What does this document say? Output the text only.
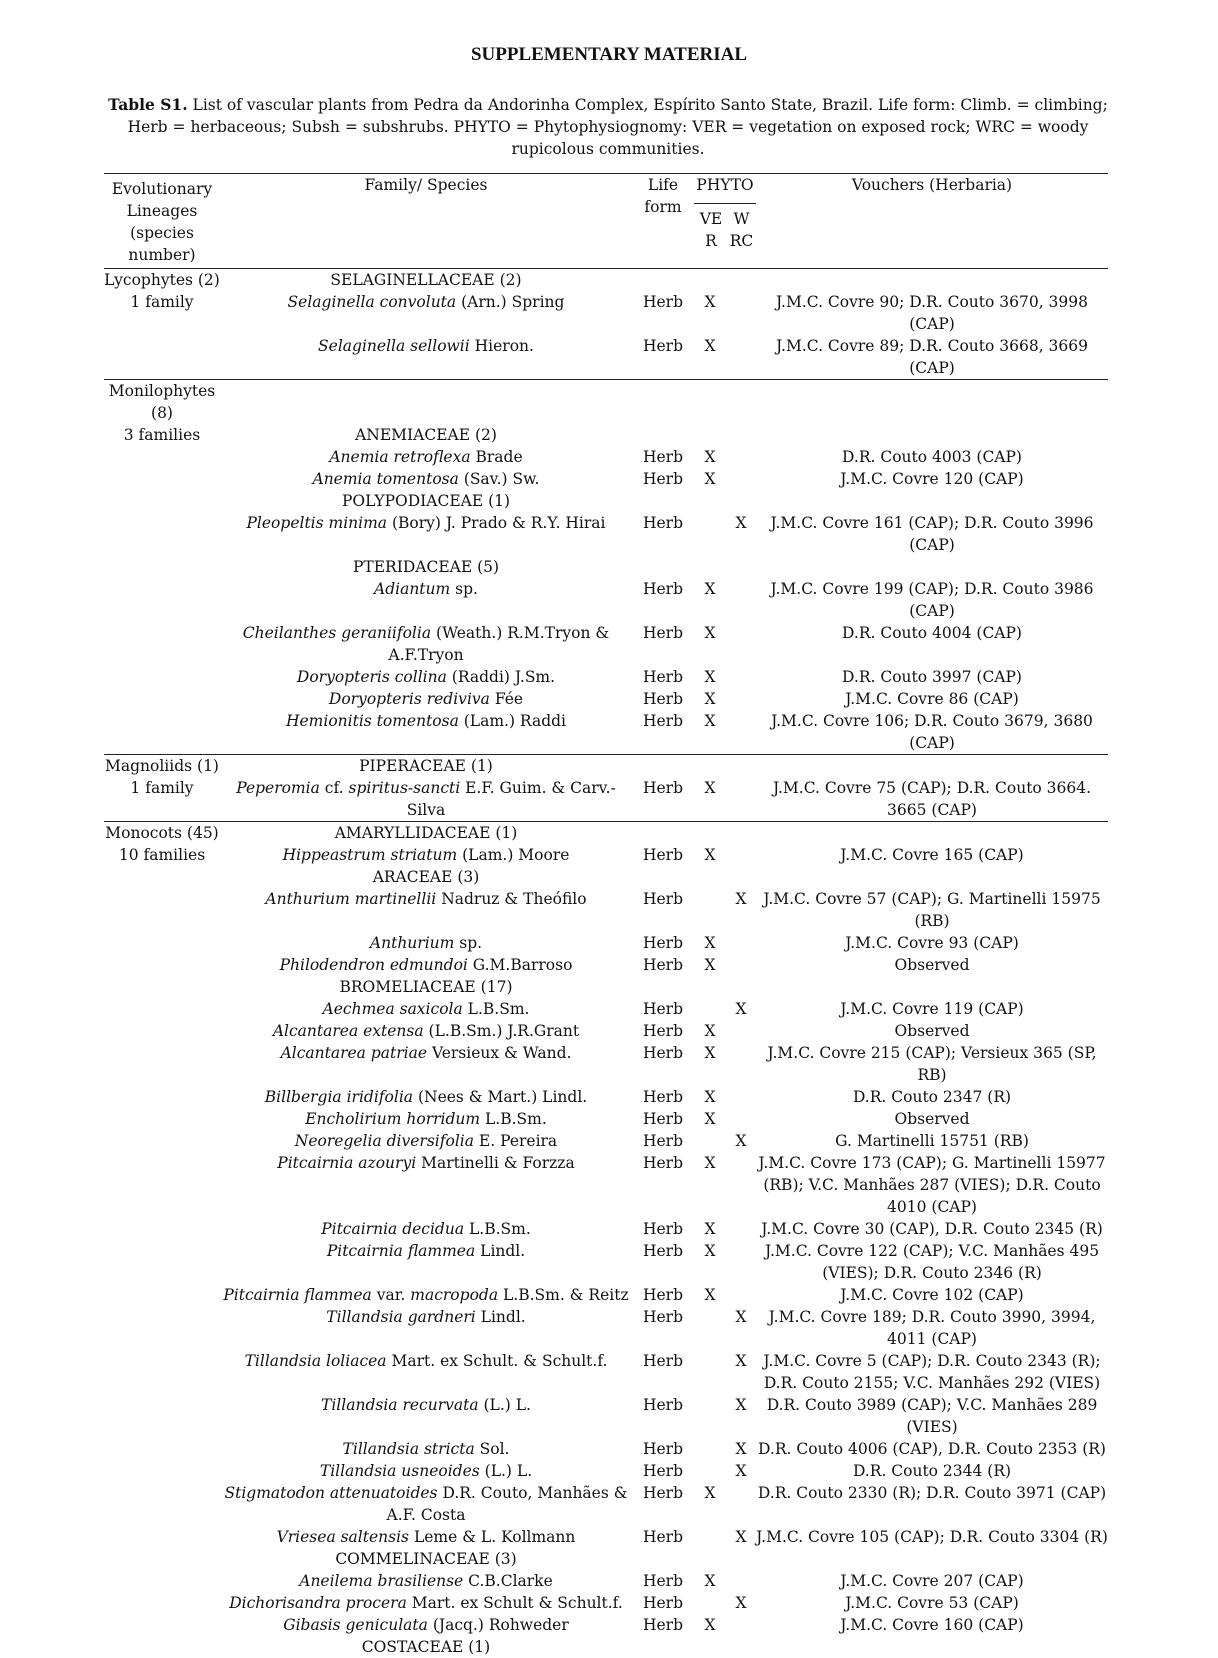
SUPPLEMENTARY MATERIAL
Table S1. List of vascular plants from Pedra da Andorinha Complex, Espírito Santo State, Brazil. Life form: Climb. = climbing; Herb = herbaceous; Subsh = subshrubs. PHYTO = Phytophysiognomy: VER = vegetation on exposed rock; WRC = woody rupicolous communities.
Evolutionary Lineages (species number)	Family/ Species	Life form	PHYTO		Vouchers (Herbaria)
			VER	WRC	
Lycophytes (2)	SELAGINELLACEAE (2)				
1 family	Selaginella convoluta (Arn.) Spring	Herb	X		J.M.C. Covre 90; D.R. Couto 3670, 3998 (CAP)
	Selaginella sellowii Hieron.	Herb	X		J.M.C. Covre 89; D.R. Couto 3668, 3669 (CAP)
Monilophytes
(8)
3 families	ANEMIACEAE (2)				
	Anemia retroflexa Brade	Herb	X		D.R. Couto 4003 (CAP)
	Anemia tomentosa (Sav.) Sw.	Herb	X		J.M.C. Covre 120 (CAP)
	POLYPODIACEAE (1)				
	Pleopeltis minima (Bory) J. Prado & R.Y. Hirai	Herb		X	J.M.C. Covre 161 (CAP); D.R. Couto 3996 (CAP)
	PTERIDACEAE (5)				
	Adiantum sp.	Herb	X		J.M.C. Covre 199 (CAP); D.R. Couto 3986 (CAP)
	Cheilanthes geraniifolia (Weath.) R.M.Tryon & A.F.Tryon	Herb	X		D.R. Couto 4004 (CAP)
	Doryopteris collina (Raddi) J.Sm.	Herb	X		D.R. Couto 3997 (CAP)
	Doryopteris rediviva Fée	Herb	X		J.M.C. Covre 86 (CAP)
	Hemionitis tomentosa (Lam.) Raddi	Herb	X		J.M.C. Covre 106; D.R. Couto 3679, 3680 (CAP)
Magnoliids (1)	PIPERACEAE (1)				
1 family	Peperomia cf. spiritus-sancti E.F. Guim. & Carv.-Silva	Herb	X		J.M.C. Covre 75 (CAP); D.R. Couto 3664. 3665 (CAP)
Monocots (45)	AMARYLLIDACEAE (1)				
10 families	Hippeastrum striatum (Lam.) Moore	Herb	X		J.M.C. Covre 165 (CAP)
	ARACEAE (3)				
	Anthurium martinellii Nadruz & Theófilo	Herb		X	J.M.C. Covre 57 (CAP); G. Martinelli 15975 (RB)
	Anthurium sp.	Herb	X		J.M.C. Covre 93 (CAP)
	Philodendron edmundoi G.M.Barroso	Herb	X		Observed
	BROMELIACEAE (17)				
	Aechmea saxicola L.B.Sm.	Herb		X	J.M.C. Covre 119 (CAP)
	Alcantarea extensa (L.B.Sm.) J.R.Grant	Herb	X		Observed
	Alcantarea patriae Versieux & Wand.	Herb	X		J.M.C. Covre 215 (CAP); Versieux 365 (SP, RB)
	Billbergia iridifolia (Nees & Mart.) Lindl.	Herb	X		D.R. Couto 2347 (R)
	Encholirium horridum L.B.Sm.	Herb	X		Observed
	Neoregelia diversifolia E. Pereira	Herb		X	G. Martinelli 15751 (RB)
	Pitcairnia azouryi Martinelli & Forzza	Herb	X		J.M.C. Covre 173 (CAP); G. Martinelli 15977 (RB); V.C. Manhães 287 (VIES); D.R. Couto 4010 (CAP)
	Pitcairnia decidua L.B.Sm.	Herb	X		J.M.C. Covre 30 (CAP), D.R. Couto 2345 (R)
	Pitcairnia flammea Lindl.	Herb	X		J.M.C. Covre 122 (CAP); V.C. Manhães 495 (VIES); D.R. Couto 2346 (R)
	Pitcairnia flammea var. macropoda L.B.Sm. & Reitz	Herb	X		J.M.C. Covre 102 (CAP)
	Tillandsia gardneri Lindl.	Herb		X	J.M.C. Covre 189; D.R. Couto 3990, 3994, 4011 (CAP)
	Tillandsia loliacea Mart. ex Schult. & Schult.f.	Herb		X	J.M.C. Covre 5 (CAP); D.R. Couto 2343 (R); D.R. Couto 2155; V.C. Manhães 292 (VIES)
	Tillandsia recurvata (L.) L.	Herb		X	D.R. Couto 3989 (CAP); V.C. Manhães 289 (VIES)
	Tillandsia stricta Sol.	Herb		X	D.R. Couto 4006 (CAP), D.R. Couto 2353 (R)
	Tillandsia usneoides (L.) L.	Herb		X	D.R. Couto 2344 (R)
	Stigmatodon attenuatoides D.R. Couto, Manhães & A.F. Costa	Herb	X		D.R. Couto 2330 (R); D.R. Couto 3971 (CAP)
	Vriesea saltensis Leme & L. Kollmann	Herb		X	J.M.C. Covre 105 (CAP); D.R. Couto 3304 (R)
	COMMELINACEAE (3)				
	Aneilema brasiliense C.B.Clarke	Herb	X		J.M.C. Covre 207 (CAP)
	Dichorisandra procera Mart. ex Schult & Schult.f.	Herb		X	J.M.C. Covre 53 (CAP)
	Gibasis geniculata (Jacq.) Rohweder	Herb	X		J.M.C. Covre 160 (CAP)
	COSTACEAE (1)				
